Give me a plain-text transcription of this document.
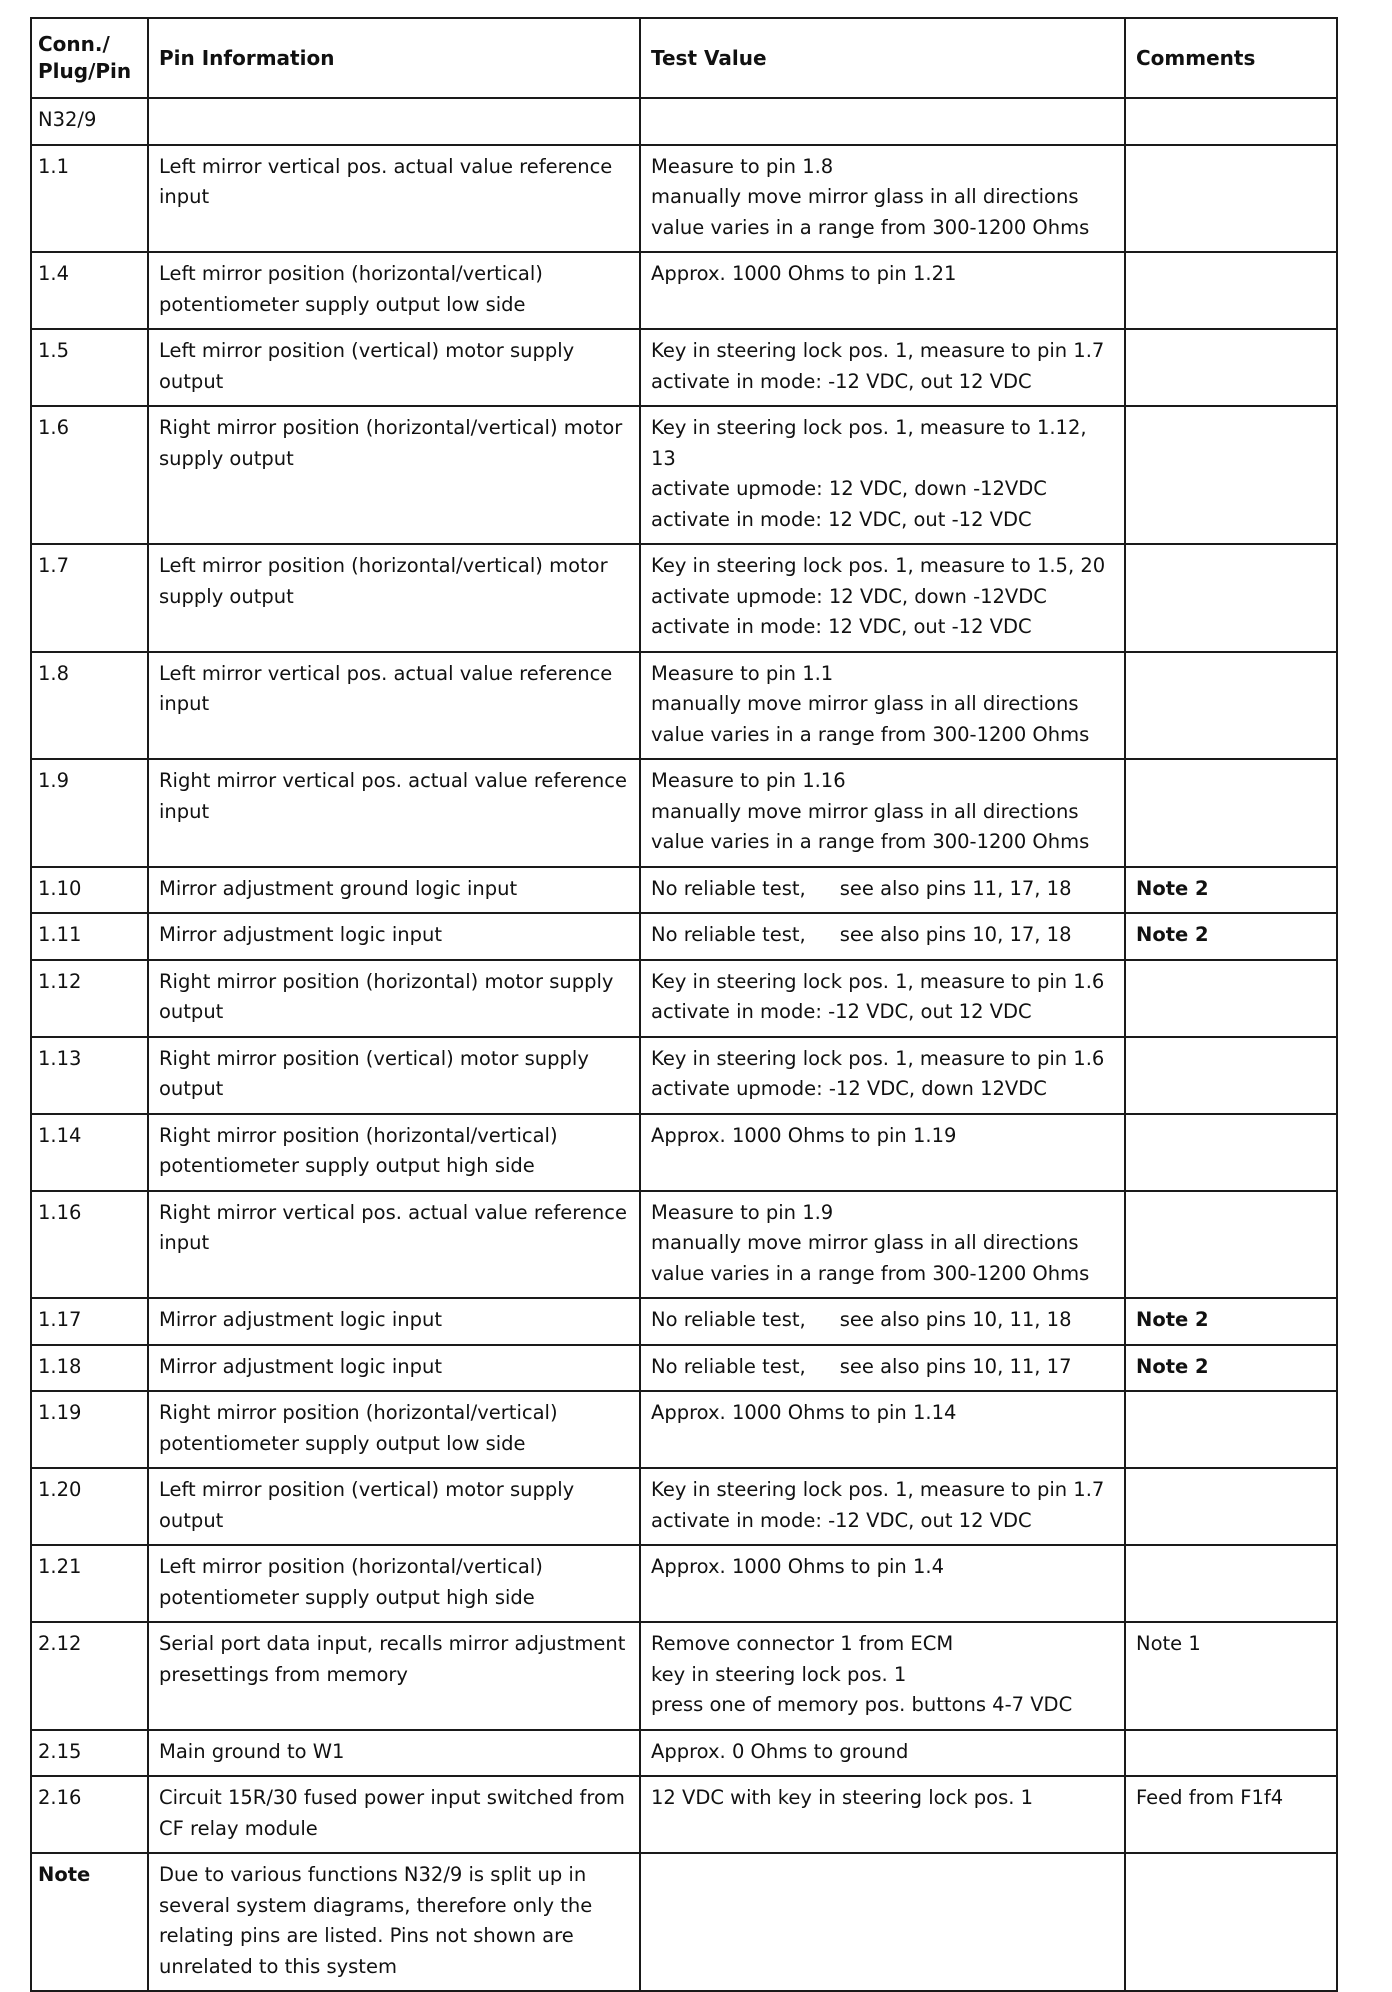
Conn./
Plug/Pin	Pin Information	Test Value	Comments
N32/9			
1.1	Left mirror vertical pos. actual value reference input	Measure to pin 1.8
manually move mirror glass in all directions
value varies in a range from 300-1200 Ohms	
1.4	Left mirror position (horizontal/vertical) potentiometer supply output low side	Approx. 1000 Ohms to pin 1.21	
1.5	Left mirror position (vertical) motor supply output	Key in steering lock pos. 1, measure to pin 1.7
activate in mode: -12 VDC, out 12 VDC	
1.6	Right mirror position (horizontal/vertical) motor supply output	Key in steering lock pos. 1, measure to 1.12, 13
activate upmode: 12 VDC, down -12VDC
activate in mode: 12 VDC, out -12 VDC	
1.7	Left mirror position (horizontal/vertical) motor supply output	Key in steering lock pos. 1, measure to 1.5, 20
activate upmode: 12 VDC, down -12VDC
activate in mode: 12 VDC, out -12 VDC	
1.8	Left mirror vertical pos. actual value reference input	Measure to pin 1.1
manually move mirror glass in all directions
value varies in a range from 300-1200 Ohms	
1.9	Right mirror vertical pos. actual value reference input	Measure to pin 1.16
manually move mirror glass in all directions
value varies in a range from 300-1200 Ohms	
1.10	Mirror adjustment ground logic input	No reliable test, see also pins 11, 17, 18	Note 2
1.11	Mirror adjustment logic input	No reliable test, see also pins 10, 17, 18	Note 2
1.12	Right mirror position (horizontal) motor supply output	Key in steering lock pos. 1, measure to pin 1.6
activate in mode: -12 VDC, out 12 VDC	
1.13	Right mirror position (vertical) motor supply output	Key in steering lock pos. 1, measure to pin 1.6
activate upmode: -12 VDC, down 12VDC	
1.14	Right mirror position (horizontal/vertical) potentiometer supply output high side	Approx. 1000 Ohms to pin 1.19	
1.16	Right mirror vertical pos. actual value reference input	Measure to pin 1.9
manually move mirror glass in all directions
value varies in a range from 300-1200 Ohms	
1.17	Mirror adjustment logic input	No reliable test, see also pins 10, 11, 18	Note 2
1.18	Mirror adjustment logic input	No reliable test, see also pins 10, 11, 17	Note 2
1.19	Right mirror position (horizontal/vertical) potentiometer supply output low side	Approx. 1000 Ohms to pin 1.14	
1.20	Left mirror position (vertical) motor supply output	Key in steering lock pos. 1, measure to pin 1.7
activate in mode: -12 VDC, out 12 VDC	
1.21	Left mirror position (horizontal/vertical) potentiometer supply output high side	Approx. 1000 Ohms to pin 1.4	
2.12	Serial port data input, recalls mirror adjustment presettings from memory	Remove connector 1 from ECM
key in steering lock pos. 1
press one of memory pos. buttons 4-7 VDC	Note 1
2.15	Main ground to W1	Approx. 0 Ohms to ground	
2.16	Circuit 15R/30 fused power input switched from CF relay module	12 VDC with key in steering lock pos. 1	Feed from F1f4
Note	Due to various functions N32/9 is split up in several system diagrams, therefore only the relating pins are listed. Pins not shown are unrelated to this system		
